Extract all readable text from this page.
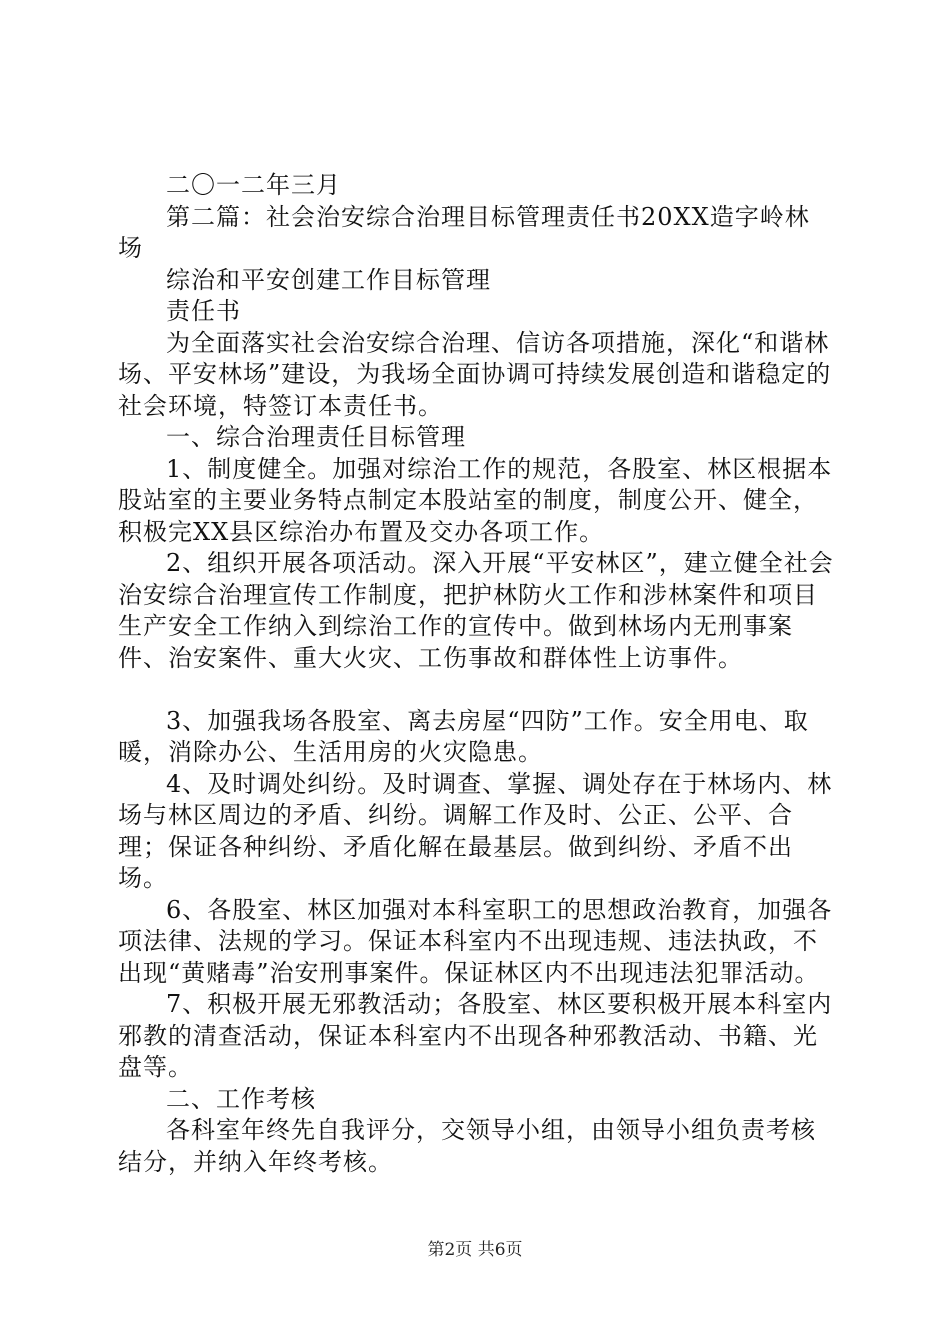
二〇一二年三月

第二篇：社会治安综合治理目标管理责任书20XX造字岭林场

综治和平安创建工作目标管理

责任书

为全面落实社会治安综合治理、信访各项措施，深化“和谐林场、平安林场”建设，为我场全面协调可持续发展创造和谐稳定的社会环境，特签订本责任书。

一、综合治理责任目标管理

1、制度健全。加强对综治工作的规范，各股室、林区根据本股站室的主要业务特点制定本股站室的制度，制度公开、健全，积极完XX县区综治办布置及交办各项工作。

2、组织开展各项活动。深入开展“平安林区”，建立健全社会治安综合治理宣传工作制度，把护林防火工作和涉林案件和项目生产安全工作纳入到综治工作的宣传中。做到林场内无刑事案件、治安案件、重大火灾、工伤事故和群体性上访事件。

3、加强我场各股室、离去房屋“四防”工作。安全用电、取暖，消除办公、生活用房的火灾隐患。

4、及时调处纠纷。及时调查、掌握、调处存在于林场内、林场与林区周边的矛盾、纠纷。调解工作及时、公正、公平、合理；保证各种纠纷、矛盾化解在最基层。做到纠纷、矛盾不出场。

6、各股室、林区加强对本科室职工的思想政治教育，加强各项法律、法规的学习。保证本科室内不出现违规、违法执政，不出现“黄赌毒”治安刑事案件。保证林区内不出现违法犯罪活动。

7、积极开展无邪教活动；各股室、林区要积极开展本科室内邪教的清查活动，保证本科室内不出现各种邪教活动、书籍、光盘等。

二、工作考核

各科室年终先自我评分，交领导小组，由领导小组负责考核结分，并纳入年终考核。

第2页 共6页
